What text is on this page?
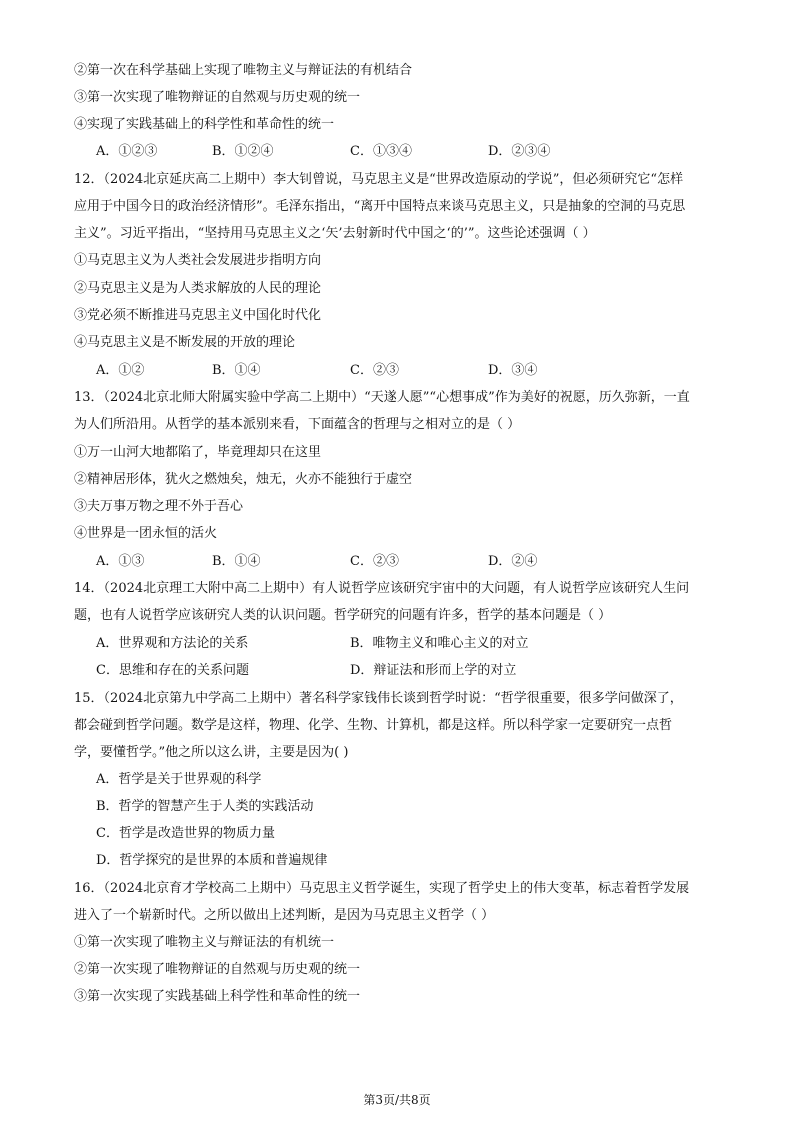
②第一次在科学基础上实现了唯物主义与辩证法的有机结合
③第一次实现了唯物辩证的自然观与历史观的统一
④实现了实践基础上的科学性和革命性的统一
A．①②③	B．①②④	C．①③④	D．②③④
12．（2024北京延庆高二上期中）李大钊曾说，马克思主义是“世界改造原动的学说”，但必须研究它“怎样
应用于中国今日的政治经济情形”。毛泽东指出，“离开中国特点来谈马克思主义，只是抽象的空洞的马克思
主义”。习近平指出，“坚持用马克思主义之‘矢’去射新时代中国之‘的’”。这些论述强调（ ）
①马克思主义为人类社会发展进步指明方向
②马克思主义是为人类求解放的人民的理论
③党必须不断推进马克思主义中国化时代化
④马克思主义是不断发展的开放的理论
A．①②	B．①④	C．②③	D．③④
13．（2024北京北师大附属实验中学高二上期中）“天遂人愿”“心想事成”作为美好的祝愿，历久弥新，一直
为人们所沿用。从哲学的基本派别来看，下面蕴含的哲理与之相对立的是（ ）
①万一山河大地都陷了，毕竟理却只在这里
②精神居形体，犹火之燃烛矣，烛无，火亦不能独行于虚空
③夫万事万物之理不外于吾心
④世界是一团永恒的活火
A．①③	B．①④	C．②③	D．②④
14．（2024北京理工大附中高二上期中）有人说哲学应该研究宇宙中的大问题，有人说哲学应该研究人生问
题，也有人说哲学应该研究人类的认识问题。哲学研究的问题有许多，哲学的基本问题是（ ）
A．世界观和方法论的关系	B．唯物主义和唯心主义的对立
C．思维和存在的关系问题	D．辩证法和形而上学的对立
15．（2024北京第九中学高二上期中）著名科学家钱伟长谈到哲学时说：“哲学很重要，很多学问做深了，
都会碰到哲学问题。数学是这样，物理、化学、生物、计算机，都是这样。所以科学家一定要研究一点哲
学，要懂哲学。”他之所以这么讲，主要是因为( )
A．哲学是关于世界观的科学
B．哲学的智慧产生于人类的实践活动
C．哲学是改造世界的物质力量
D．哲学探究的是世界的本质和普遍规律
16．（2024北京育才学校高二上期中）马克思主义哲学诞生，实现了哲学史上的伟大变革，标志着哲学发展
进入了一个崭新时代。之所以做出上述判断，是因为马克思主义哲学（ ）
①第一次实现了唯物主义与辩证法的有机统一
②第一次实现了唯物辩证的自然观与历史观的统一
③第一次实现了实践基础上科学性和革命性的统一
第3页/共8页
